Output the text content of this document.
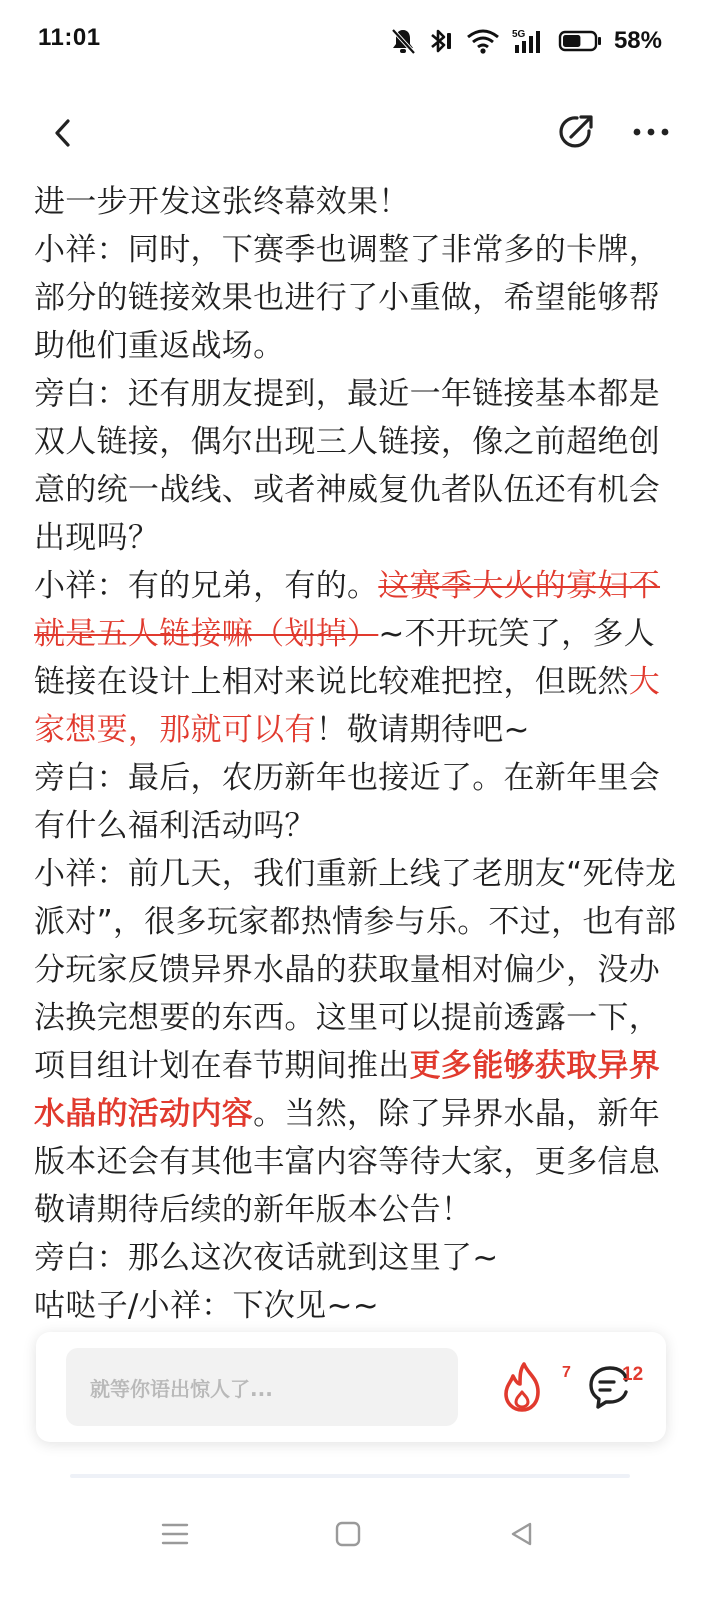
11:01	5G	58%

进一步开发这张终幕效果！

小祥：同时，下赛季也调整了非常多的卡牌，部分的链接效果也进行了小重做，希望能够帮助他们重返战场。

旁白：还有朋友提到，最近一年链接基本都是双人链接，偶尔出现三人链接，像之前超绝创意的统一战线、或者神威复仇者队伍还有机会出现吗？

小祥：有的兄弟，有的。这赛季大火的寡妇不就是五人链接嘛（划掉）~不开玩笑了，多人链接在设计上相对来说比较难把控，但既然大家想要，那就可以有！敬请期待吧~

旁白：最后，农历新年也接近了。在新年里会有什么福利活动吗？

小祥：前几天，我们重新上线了老朋友“死侍龙派对”，很多玩家都热情参与乐。不过，也有部分玩家反馈异界水晶的获取量相对偏少，没办法换完想要的东西。这里可以提前透露一下，项目组计划在春节期间推出更多能够获取异界水晶的活动内容。当然，除了异界水晶，新年版本还会有其他丰富内容等待大家，更多信息敬请期待后续的新年版本公告！

旁白：那么这次夜话就到这里了~

咕哒子/小祥：下次见~~

就等你语出惊人了...
7	12
